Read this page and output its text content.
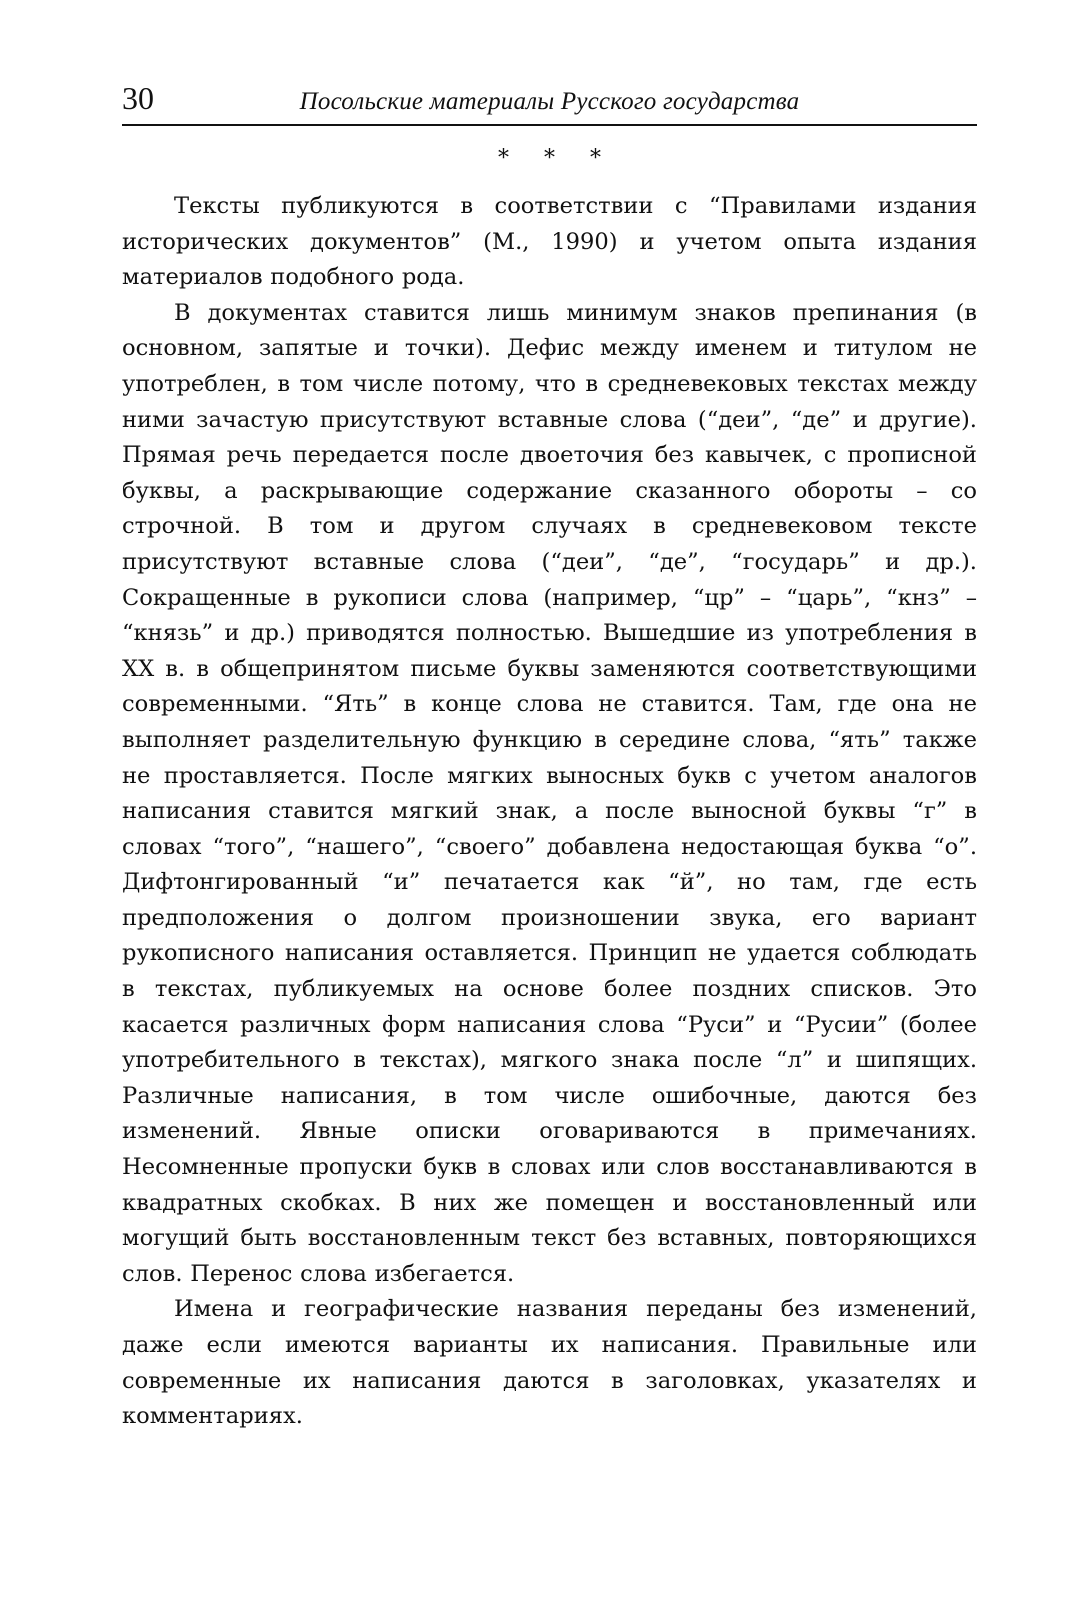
30	Посольские материалы Русского государства
* * *

Тексты публикуются в соответствии с “Правилами издания исторических документов” (М., 1990) и учетом опыта издания материалов подобного рода.

В документах ставится лишь минимум знаков препинания (в основном, запятые и точки). Дефис между именем и титулом не употреблен, в том числе потому, что в средневековых текстах между ними зачастую присутствуют вставные слова (“деи”, “де” и другие). Прямая речь передается после двоеточия без кавычек, с прописной буквы, а раскрывающие содержание сказанного обороты – со строчной. В том и другом случаях в средневековом тексте присутствуют вставные слова (“деи”, “де”, “государь” и др.). Сокращенные в рукописи слова (например, “цр” – “царь”, “кнз” – “князь” и др.) приводятся полностью. Вышедшие из употребления в XX в. в общепринятом письме буквы заменяются соответствующими современными. “Ять” в конце слова не ставится. Там, где она не выполняет разделительную функцию в середине слова, “ять” также не проставляется. После мягких выносных букв с учетом аналогов написания ставится мягкий знак, а после выносной буквы “г” в словах “того”, “нашего”, “своего” добавлена недостающая буква “о”. Дифтонгированный “и” печатается как “й”, но там, где есть предположения о долгом произношении звука, его вариант рукописного написания оставляется. Принцип не удается соблюдать в текстах, публикуемых на основе более поздних списков. Это касается различных форм написания слова “Руси” и “Русии” (более употребительного в текстах), мягкого знака после “л” и шипящих. Различные написания, в том числе ошибочные, даются без изменений. Явные описки оговариваются в примечаниях. Несомненные пропуски букв в словах или слов восстанавливаются в квадратных скобках. В них же помещен и восстановленный или могущий быть восстановленным текст без вставных, повторяющихся слов. Перенос слова избегается.

Имена и географические названия переданы без изменений, даже если имеются варианты их написания. Правильные или современные их написания даются в заголовках, указателях и комментариях.
